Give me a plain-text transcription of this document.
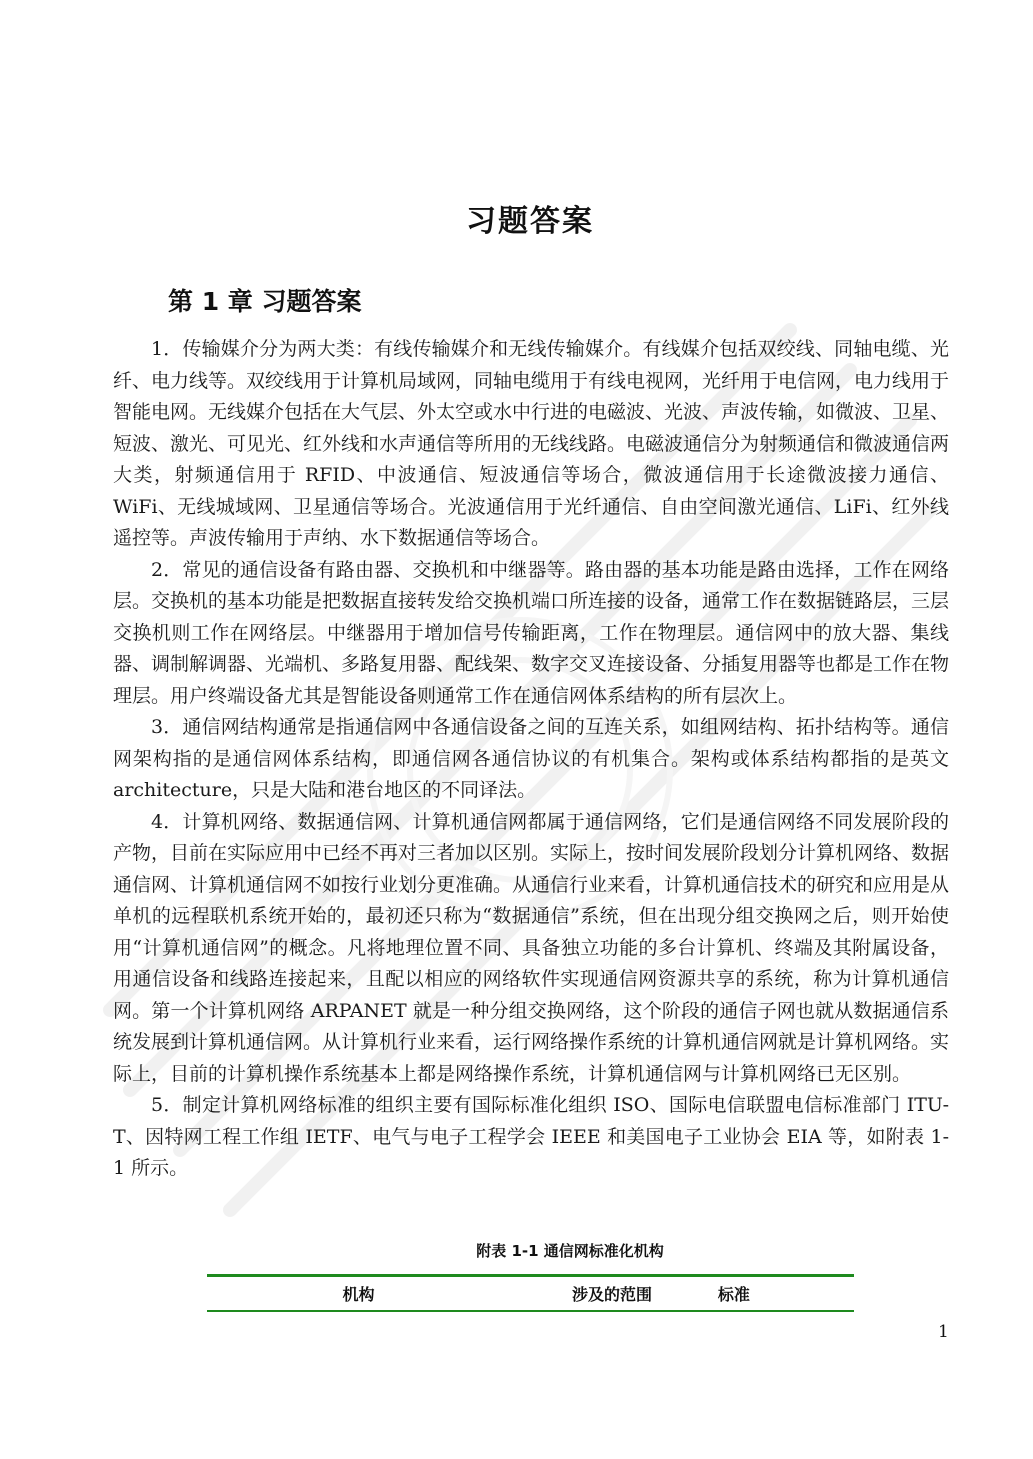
习题答案
第 1 章 习题答案

1．传输媒介分为两大类：有线传输媒介和无线传输媒介。有线媒介包括双绞线、同轴电缆、光纤、电力线等。双绞线用于计算机局域网，同轴电缆用于有线电视网，光纤用于电信网，电力线用于智能电网。无线媒介包括在大气层、外太空或水中行进的电磁波、光波、声波传输，如微波、卫星、短波、激光、可见光、红外线和水声通信等所用的无线线路。电磁波通信分为射频通信和微波通信两大类，射频通信用于 RFID、中波通信、短波通信等场合，微波通信用于长途微波接力通信、WiFi、无线城域网、卫星通信等场合。光波通信用于光纤通信、自由空间激光通信、LiFi、红外线遥控等。声波传输用于声纳、水下数据通信等场合。

2．常见的通信设备有路由器、交换机和中继器等。路由器的基本功能是路由选择，工作在网络层。交换机的基本功能是把数据直接转发给交换机端口所连接的设备，通常工作在数据链路层，三层交换机则工作在网络层。中继器用于增加信号传输距离，工作在物理层。通信网中的放大器、集线器、调制解调器、光端机、多路复用器、配线架、数字交叉连接设备、分插复用器等也都是工作在物理层。用户终端设备尤其是智能设备则通常工作在通信网体系结构的所有层次上。

3．通信网结构通常是指通信网中各通信设备之间的互连关系，如组网结构、拓扑结构等。通信网架构指的是通信网体系结构，即通信网各通信协议的有机集合。架构或体系结构都指的是英文 architecture，只是大陆和港台地区的不同译法。

4．计算机网络、数据通信网、计算机通信网都属于通信网络，它们是通信网络不同发展阶段的产物，目前在实际应用中已经不再对三者加以区别。实际上，按时间发展阶段划分计算机网络、数据通信网、计算机通信网不如按行业划分更准确。从通信行业来看，计算机通信技术的研究和应用是从单机的远程联机系统开始的，最初还只称为“数据通信”系统，但在出现分组交换网之后，则开始使用“计算机通信网”的概念。凡将地理位置不同、具备独立功能的多台计算机、终端及其附属设备，用通信设备和线路连接起来，且配以相应的网络软件实现通信网资源共享的系统，称为计算机通信网。第一个计算机网络 ARPANET 就是一种分组交换网络，这个阶段的通信子网也就从数据通信系统发展到计算机通信网。从计算机行业来看，运行网络操作系统的计算机通信网就是计算机网络。实际上，目前的计算机操作系统基本上都是网络操作系统，计算机通信网与计算机网络已无区别。

5．制定计算机网络标准的组织主要有国际标准化组织 ISO、国际电信联盟电信标准部门 ITU-T、因特网工程工作组 IETF、电气与电子工程学会 IEEE 和美国电子工业协会 EIA 等，如附表 1-1 所示。

附表 1-1 通信网标准化机构
机构	涉及的范围	标准
1
